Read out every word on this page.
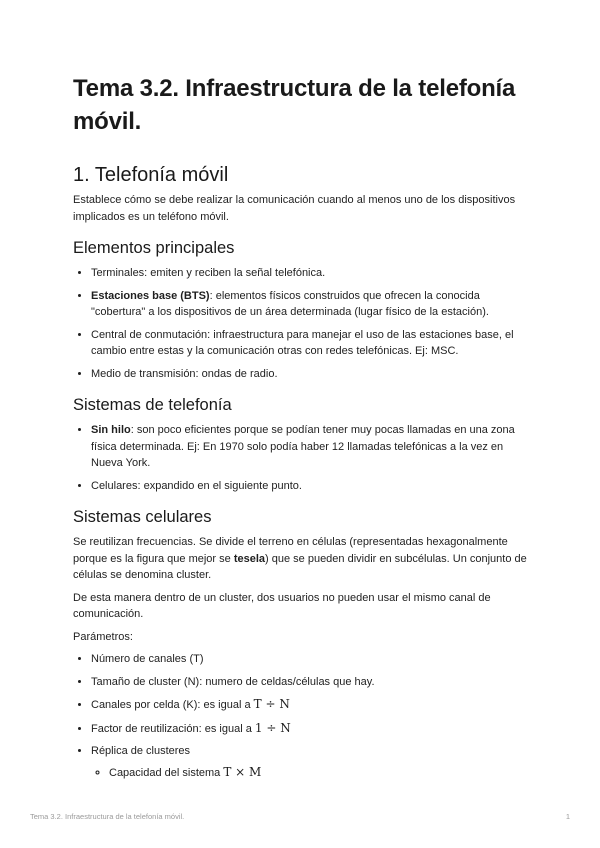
Tema 3.2. Infraestructura de la telefonía móvil.
1. Telefonía móvil

Establece cómo se debe realizar la comunicación cuando al menos uno de los dispositivos implicados es un teléfono móvil.

Elementos principales
• Terminales: emiten y reciben la señal telefónica.
• Estaciones base (BTS): elementos físicos construidos que ofrecen la conocida "cobertura" a los dispositivos de un área determinada (lugar físico de la estación).
• Central de conmutación: infraestructura para manejar el uso de las estaciones base, el cambio entre estas y la comunicación otras con redes telefónicas. Ej: MSC.
• Medio de transmisión: ondas de radio.
Sistemas de telefonía
• Sin hilo: son poco eficientes porque se podían tener muy pocas llamadas en una zona física determinada. Ej: En 1970 solo podía haber 12 llamadas telefónicas a la vez en Nueva York.
• Celulares: expandido en el siguiente punto.
Sistemas celulares

Se reutilizan frecuencias. Se divide el terreno en células (representadas hexagonalmente porque es la figura que mejor se tesela) que se pueden dividir en subcélulas. Un conjunto de células se denomina cluster.

De esta manera dentro de un cluster, dos usuarios no pueden usar el mismo canal de comunicación.

Parámetros:

• Número de canales (T)
• Tamaño de cluster (N): numero de celdas/células que hay.
• Canales por celda (K): es igual a T ÷ N
• Factor de reutilización: es igual a 1 ÷ N
• Réplica de clusteres
◦ Capacidad del sistema T × M
Tema 3.2. Infraestructura de la telefonía móvil.	1
